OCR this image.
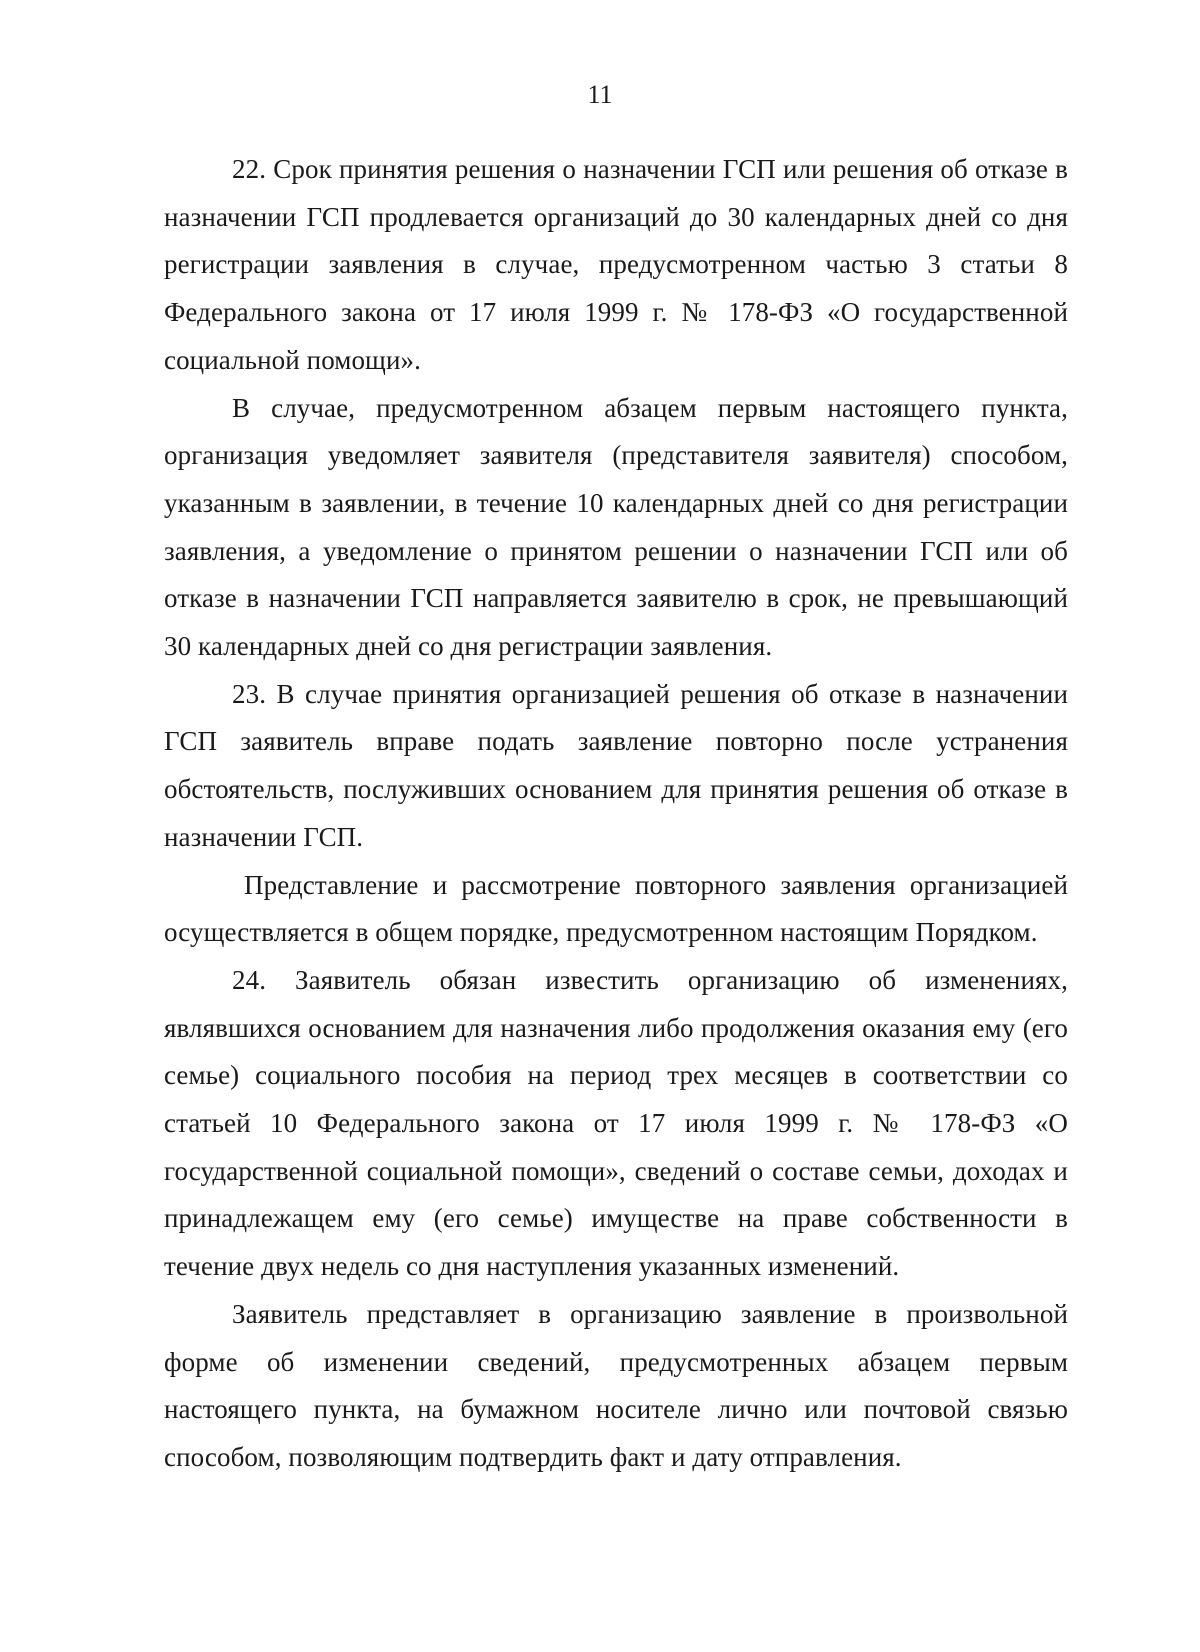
11

22. Срок принятия решения о назначении ГСП или решения об отказе в назначении ГСП продлевается организаций до 30 календарных дней со дня регистрации заявления в случае, предусмотренном частью 3 статьи 8 Федерального закона от 17 июля 1999 г. № 178-ФЗ «О государственной социальной помощи».

В случае, предусмотренном абзацем первым настоящего пункта, организация уведомляет заявителя (представителя заявителя) способом, указанным в заявлении, в течение 10 календарных дней со дня регистрации заявления, а уведомление о принятом решении о назначении ГСП или об отказе в назначении ГСП направляется заявителю в срок, не превышающий 30 календарных дней со дня регистрации заявления.

23. В случае принятия организацией решения об отказе в назначении ГСП заявитель вправе подать заявление повторно после устранения обстоятельств, послуживших основанием для принятия решения об отказе в назначении ГСП.

Представление и рассмотрение повторного заявления организацией осуществляется в общем порядке, предусмотренном настоящим Порядком.

24. Заявитель обязан известить организацию об изменениях, являвшихся основанием для назначения либо продолжения оказания ему (его семье) социального пособия на период трех месяцев в соответствии со статьей 10 Федерального закона от 17 июля 1999 г. № 178-ФЗ «О государственной социальной помощи», сведений о составе семьи, доходах и принадлежащем ему (его семье) имуществе на праве собственности в течение двух недель со дня наступления указанных изменений.

Заявитель представляет в организацию заявление в произвольной форме об изменении сведений, предусмотренных абзацем первым настоящего пункта, на бумажном носителе лично или почтовой связью способом, позволяющим подтвердить факт и дату отправления.
